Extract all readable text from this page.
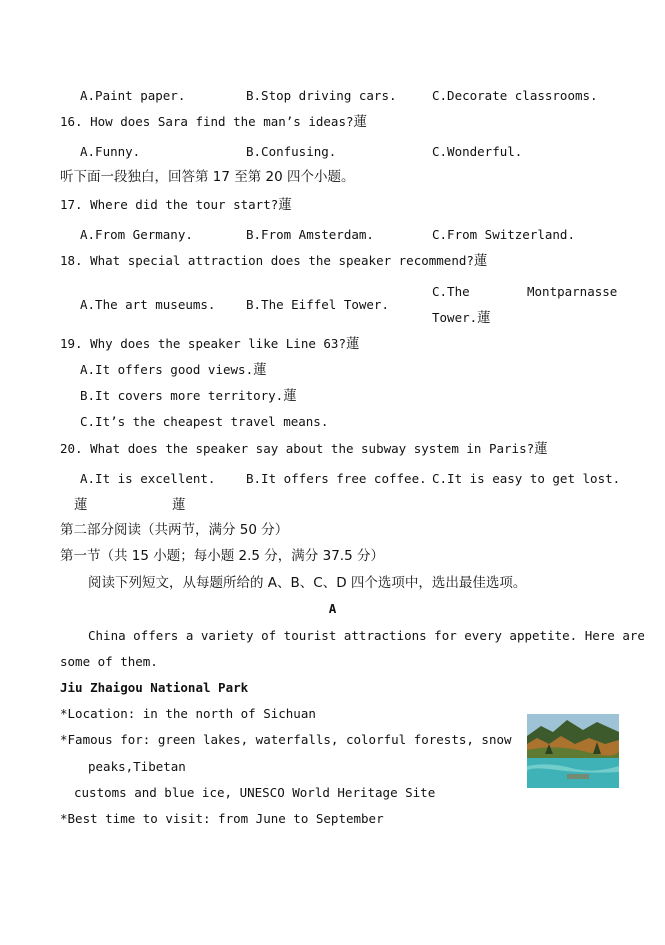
A.Paint paper.	B.Stop driving cars.	C.Decorate classrooms.
16. How does Sara find the man’s ideas?蓮
A.Funny.	B.Confusing.	C.Wonderful.
听下面一段独白，回答第 17 至第 20 四个小题。
17. Where did the tour start?蓮
A.From Germany.	B.From Amsterdam.	C.From Switzerland.
18. What special attraction does the speaker recommend?蓮
A.The art museums. B.The Eiffel Tower.
C.The	Montparnasse
Tower.蓮
19. Why does the speaker like Line 63?蓮
A.It offers good views.蓮
B.It covers more territory.蓮
C.It’s the cheapest travel means.
20. What does the speaker say about the subway system in Paris?蓮
A.It is excellent. B.It offers free coffee. C.It is easy to get lost.
蓮	蓮
第二部分阅读（共两节，满分 50 分）
第一节（共 15 小题；每小题 2.5 分，满分 37.5 分）
阅读下列短文，从每题所给的 A、B、C、D 四个选项中，选出最佳选项。
A
China offers a variety of tourist attractions for every appetite. Here are
some of them.
Jiu Zhaigou National Park
*Location: in the north of Sichuan
*Famous for: green lakes, waterfalls, colorful forests, snow
peaks,Tibetan
customs and blue ice, UNESCO World Heritage Site
*Best time to visit: from June to September
